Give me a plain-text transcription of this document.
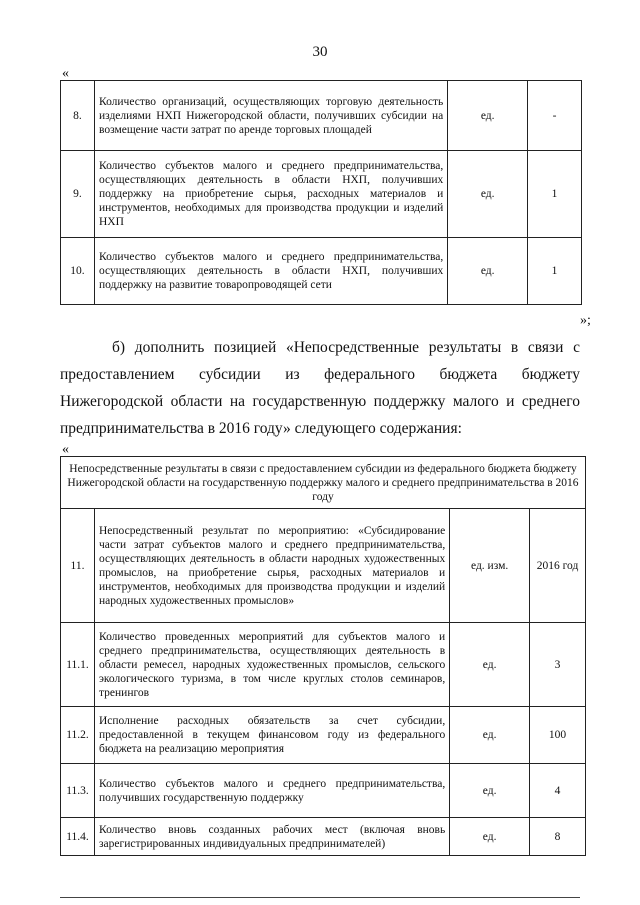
30
«
8.	Количество организаций, осуществляющих торговую деятельность изделиями НХП Нижегородской области, получивших субсидии на возмещение части затрат по аренде торговых площадей	ед.	-
9.	Количество субъектов малого и среднего предпринимательства, осуществляющих деятельность в области НХП, получивших поддержку на приобретение сырья, расходных материалов и инструментов, необходимых для производства продукции и изделий НХП	ед.	1
10.	Количество субъектов малого и среднего предпринимательства, осуществляющих деятельность в области НХП, получивших поддержку на развитие товаропроводящей сети	ед.	1
»;
б) дополнить позицией «Непосредственные результаты в связи с предоставлением субсидии из федерального бюджета бюджету Нижегородской области на государственную поддержку малого и среднего предпринимательства в 2016 году» следующего содержания:
«
Непосредственные результаты в связи с предоставлением субсидии из федерального бюджета бюджету Нижегородской области на государственную поддержку малого и среднего предпринимательства в 2016 году			
11.	Непосредственный результат по мероприятию: «Субсидирование части затрат субъектов малого и среднего предпринимательства, осуществляющих деятельность в области народных художественных промыслов, на приобретение сырья, расходных материалов и инструментов, необходимых для производства продукции и изделий народных художественных промыслов»	ед. изм.	2016 год
11.1.	Количество проведенных мероприятий для субъектов малого и среднего предпринимательства, осуществляющих деятельность в области ремесел, народных художественных промыслов, сельского экологического туризма, в том числе круглых столов семинаров, тренингов	ед.	3
11.2.	Исполнение расходных обязательств за счет субсидии, предоставленной в текущем финансовом году из федерального бюджета на реализацию мероприятия	ед.	100
11.3.	Количество субъектов малого и среднего предпринимательства, получивших государственную поддержку	ед.	4
11.4.	Количество вновь созданных рабочих мест (включая вновь зарегистрированных индивидуальных предпринимателей)	ед.	8
